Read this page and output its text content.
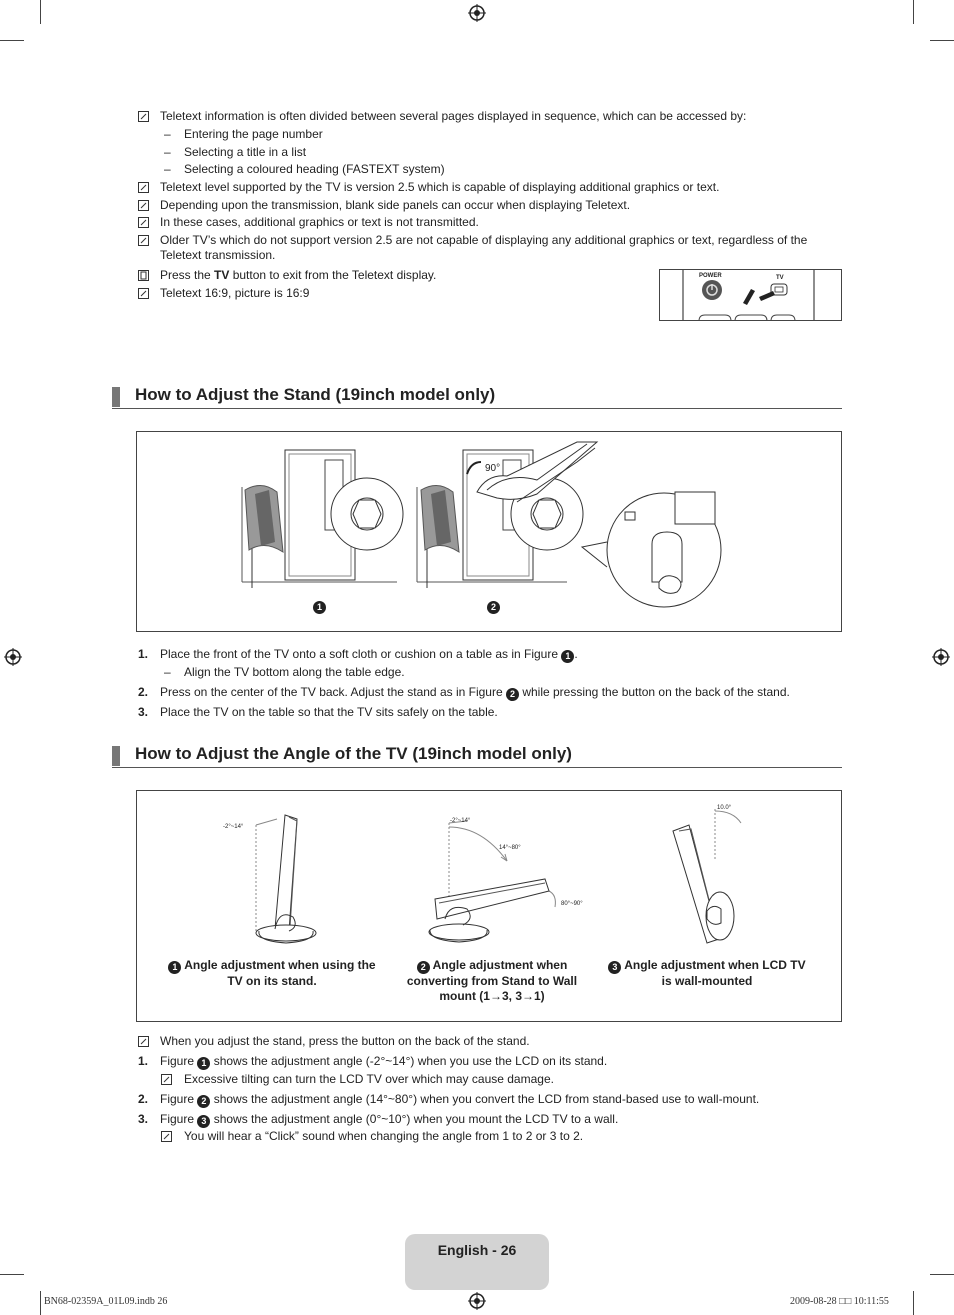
Teletext information is often divided between several pages displayed in sequence, which can be accessed by:
– Entering the page number
– Selecting a title in a list
– Selecting a coloured heading (FASTEXT system)
Teletext level supported by the TV is version 2.5 which is capable of displaying additional graphics or text.
Depending upon the transmission, blank side panels can occur when displaying Teletext.
In these cases, additional graphics or text is not transmitted.
Older TV’s which do not support version 2.5 are not capable of displaying any additional graphics or text, regardless of the
Teletext transmission.
Press the TV button to exit from the Teletext display.
Teletext 16:9, picture is 16:9
POWER	TV
How to Adjust the Stand (19inch model only)
90°
1	2
1. Place the front of the TV onto a soft cloth or cushion on a table as in Figure 1 .
– Align the TV bottom along the table edge.
2. Press on the center of the TV back. Adjust the stand as in Figure 2 while pressing the button on the back of the stand.
3. Place the TV on the table so that the TV sits safely on the table.
How to Adjust the Angle of the TV (19inch model only)
-2°~14°
-2°~14°
14°~80°
80°~90°
10.0°
1 Angle adjustment when using the TV on its stand.
2 Angle adjustment when converting from Stand to Wall mount (1→3, 3→1)
3 Angle adjustment when LCD TV is wall-mounted
When you adjust the stand, press the button on the back of the stand.
1. Figure 1 shows the adjustment angle (-2°~14°) when you use the LCD on its stand.
Excessive tilting can turn the LCD TV over which may cause damage.
2. Figure 2 shows the adjustment angle (14°~80°) when you convert the LCD from stand-based use to wall-mount.
3. Figure 3 shows the adjustment angle (0°~10°) when you mount the LCD TV to a wall.
You will hear a “Click” sound when changing the angle from 1 to 2 or 3 to 2.
English - 26
BN68-02359A_01L09.indb 26	2009-08-28 □□ 10:11:55
